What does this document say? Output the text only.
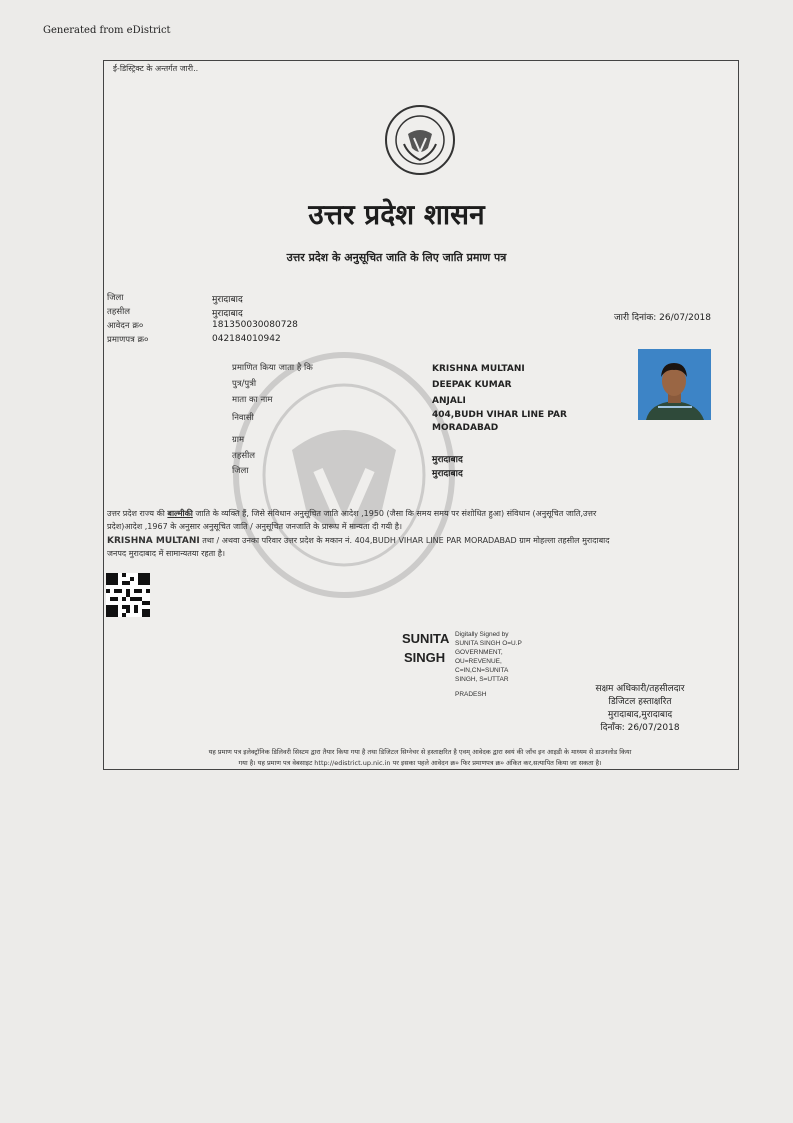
Generated from eDistrict
ई-डिस्ट्रिक्ट के अन्तर्गत जारी..
उत्तर प्रदेश शासन
उत्तर प्रदेश के अनुसूचित जाति के लिए जाति प्रमाण पत्र
जिला	मुरादाबाद
तहसील	मुरादाबाद
आवेदन क्र०	181350030080728
प्रमाणपत्र क्र०	042184010942
जारी दिनांक: 26/07/2018
प्रमाणित किया जाता है कि	KRISHNA MULTANI
पुत्र/पुत्री	DEEPAK KUMAR
माता का नाम	ANJALI
निवासी	404,BUDH VIHAR LINE PAR
MORADABAD
ग्राम
तहसील	मुरादाबाद
जिला	मुरादाबाद
उत्तर प्रदेश राज्य की बाल्मीकी जाति के व्यक्ति हैं, जिसे संविधान अनुसूचित जाति आदेश ,1950 (जैसा कि समय समय पर संशोधित हुआ) संविधान (अनुसूचित जाति,उत्तर
प्रदेश)आदेश ,1967 के अनुसार अनुसूचित जाति / अनुसूचित जनजाति के प्रारूप में मान्यता दी गयी है।
KRISHNA MULTANI तथा / अथवा उनका परिवार उत्तर प्रदेश के मकान नं. 404,BUDH VIHAR LINE PAR MORADABAD ग्राम मोहल्ला तहसील मुरादाबाद
जनपद मुरादाबाद में सामान्यतया रहता है।
SUNITA
SINGH
Digitally Signed by
SUNITA SINGH O=U.P
GOVERNMENT,
OU=REVENUE,
C=IN,CN=SUNITA
SINGH, S=UTTAR
PRADESH
सक्षम अधिकारी/तहसीलदार
डिजिटल हस्ताक्षरित
मुरादाबाद,मुरादाबाद
दिनाँक: 26/07/2018
यह प्रमाण पत्र इलेक्ट्रॉनिक डिलिवरी सिस्टम द्वारा तैयार किया गया है तथा डिजिटल सिग्नेचर से हस्ताक्षरित है एवम् आवेदक द्वारा स्वयं की जाँच इन आइडी के माध्यम से डाउनलोड किया
गया है। यह प्रमाण पत्र वेबसाइट http://edistrict.up.nic.in पर इसका पहले आवेदन क्र० फिर प्रमाणपत्र क्र० अंकित कर,सत्यापित किया जा सकता है।
